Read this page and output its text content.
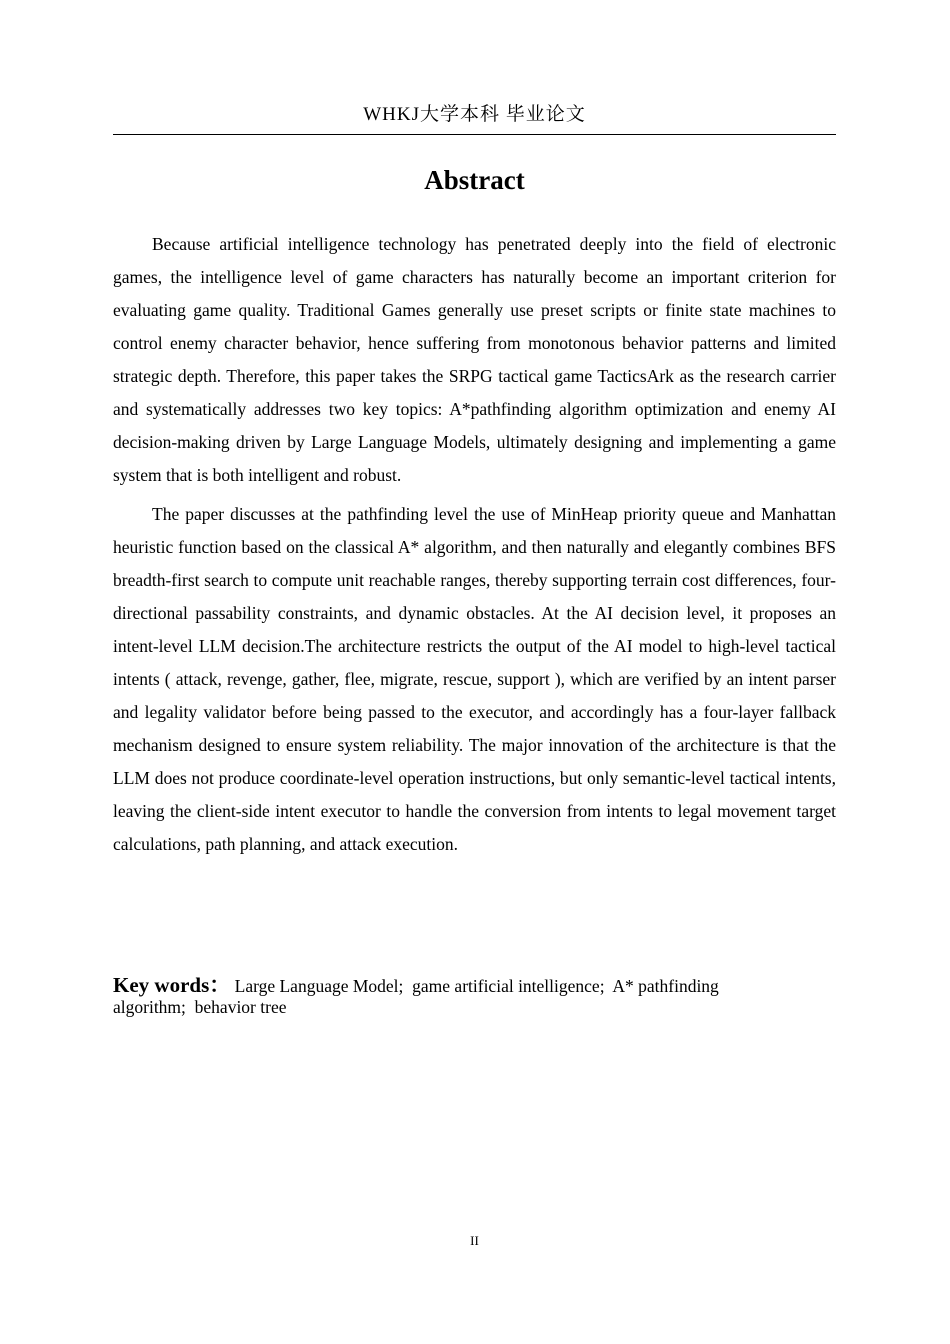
WHKJ大学本科 毕业论文
Abstract

Because artificial intelligence technology has penetrated deeply into the field of electronic games, the intelligence level of game characters has naturally become an important criterion for evaluating game quality. Traditional Games generally use preset scripts or finite state machines to control enemy character behavior, hence suffering from monotonous behavior patterns and limited strategic depth. Therefore, this paper takes the SRPG tactical game TacticsArk as the research carrier and systematically addresses two key topics: A*pathfinding algorithm optimization and enemy AI decision-making driven by Large Language Models, ultimately designing and implementing a game system that is both intelligent and robust.

The paper discusses at the pathfinding level the use of MinHeap priority queue and Manhattan heuristic function based on the classical A* algorithm, and then naturally and elegantly combines BFS breadth-first search to compute unit reachable ranges, thereby supporting terrain cost differences, four-directional passability constraints, and dynamic obstacles. At the AI decision level, it proposes an intent-level LLM decision.The architecture restricts the output of the AI model to high-level tactical intents ( attack, revenge, gather, flee, migrate, rescue, support ), which are verified by an intent parser and legality validator before being passed to the executor, and accordingly has a four-layer fallback mechanism designed to ensure system reliability. The major innovation of the architecture is that the LLM does not produce coordinate-level operation instructions, but only semantic-level tactical intents, leaving the client-side intent executor to handle the conversion from intents to legal movement target calculations, path planning, and attack execution.

Key words： Large Language Model; game artificial intelligence; A* pathfinding algorithm; behavior tree
II
